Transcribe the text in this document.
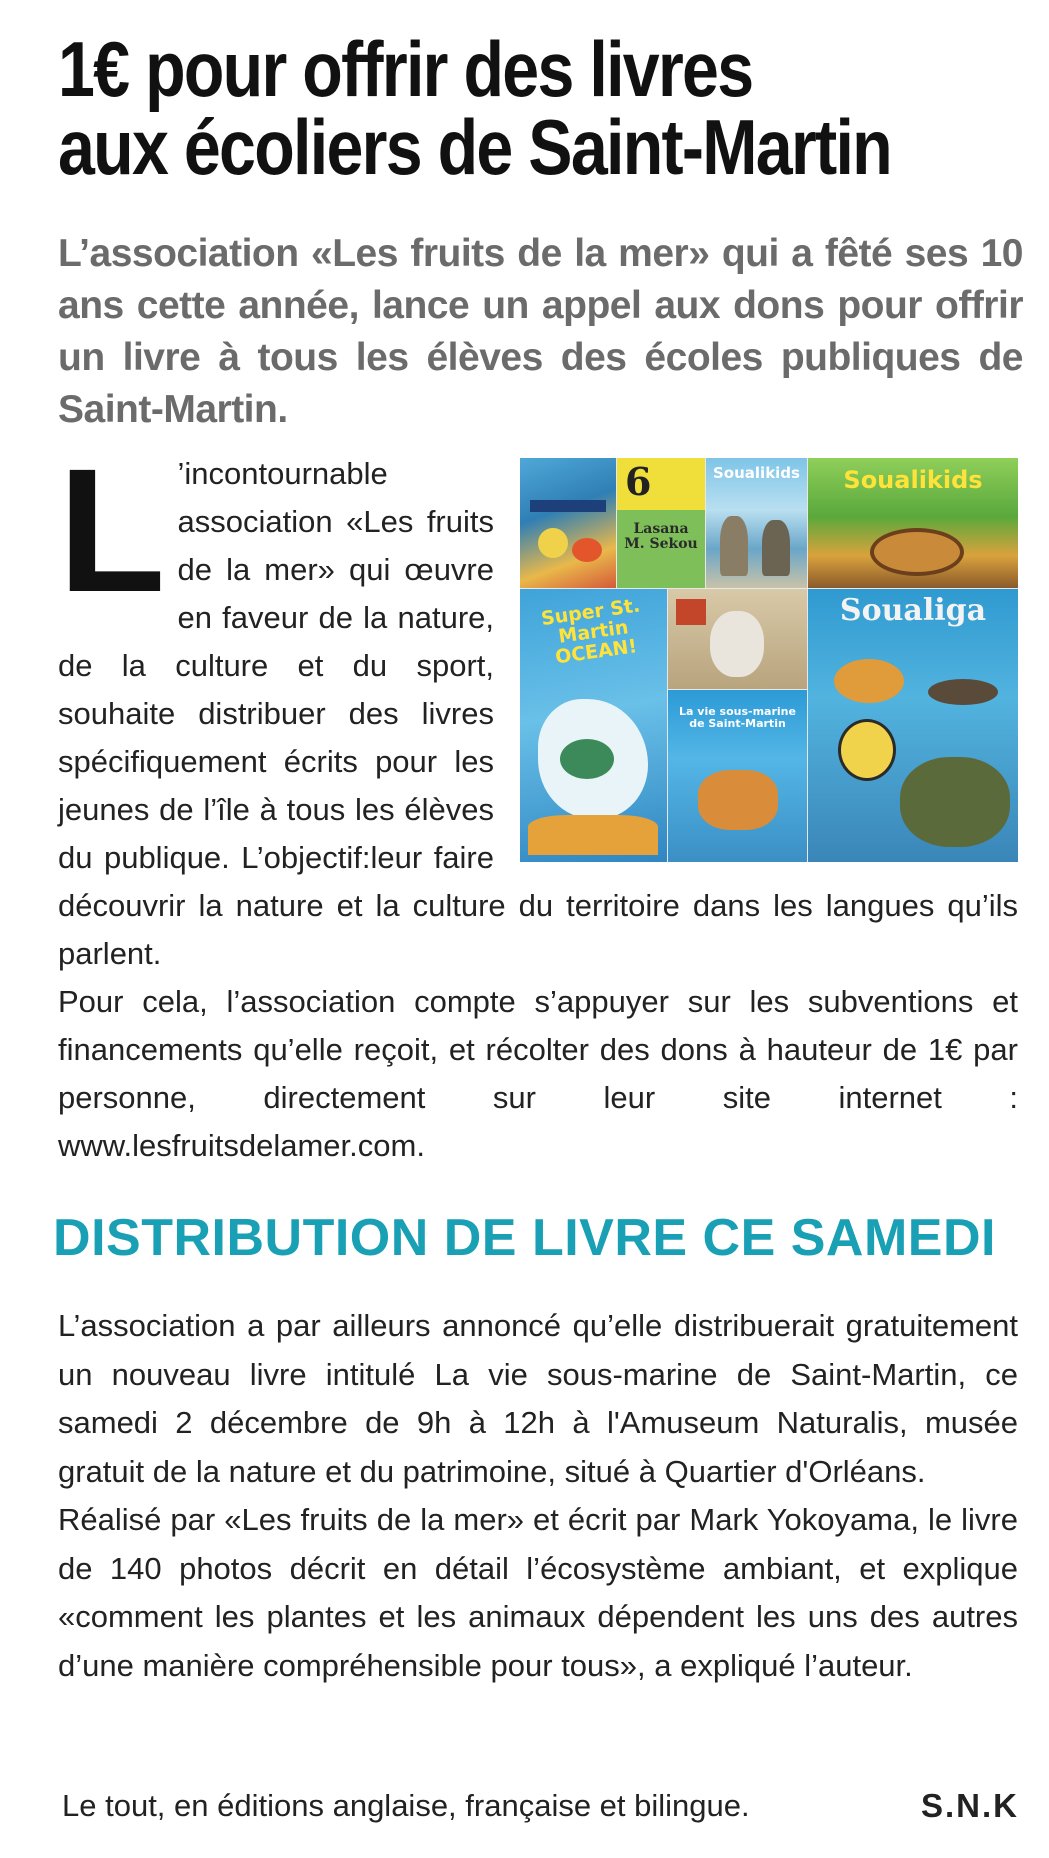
1€ pour offrir des livres
aux écoliers de Saint-Martin

L’association «Les fruits de la mer» qui a fêté ses 10 ans cette année, lance un appel aux dons pour offrir un livre à tous les élèves des écoles publiques de Saint-Martin.

6
Lasana M. Sekou
Soualikids Soualikids
Super St. Martin OCEAN!
La vie sous-marine de Saint-Martin
Soualiga
L ’incontournable association «Les fruits de la mer» qui œuvre en faveur de la nature, de la culture et du sport, souhaite distribuer des livres spécifiquement écrits pour les jeunes de l’île à tous les élèves du publique. L’objectif:leur faire découvrir la nature et la culture du territoire dans les langues qu’ils parlent.

Pour cela, l’association compte s’appuyer sur les subventions et financements qu’elle reçoit, et récolter des dons à hauteur de 1€ par personne, directement sur leur site internet : www.lesfruitsdelamer.com.

DISTRIBUTION DE LIVRE CE SAMEDI

L’association a par ailleurs annoncé qu’elle distribuerait gratuitement un nouveau livre intitulé La vie sous-marine de Saint-Martin, ce samedi 2 décembre de 9h à 12h à l'Amuseum Naturalis, musée gratuit de la nature et du patrimoine, situé à Quartier d'Orléans.

Réalisé par «Les fruits de la mer» et écrit par Mark Yokoyama, le livre de 140 photos décrit en détail l’écosystème ambiant, et explique «comment les plantes et les animaux dépendent les uns des autres d’une manière compréhensible pour tous», a expliqué l’auteur.

Le tout, en éditions anglaise, française et bilingue.	S.N.K
